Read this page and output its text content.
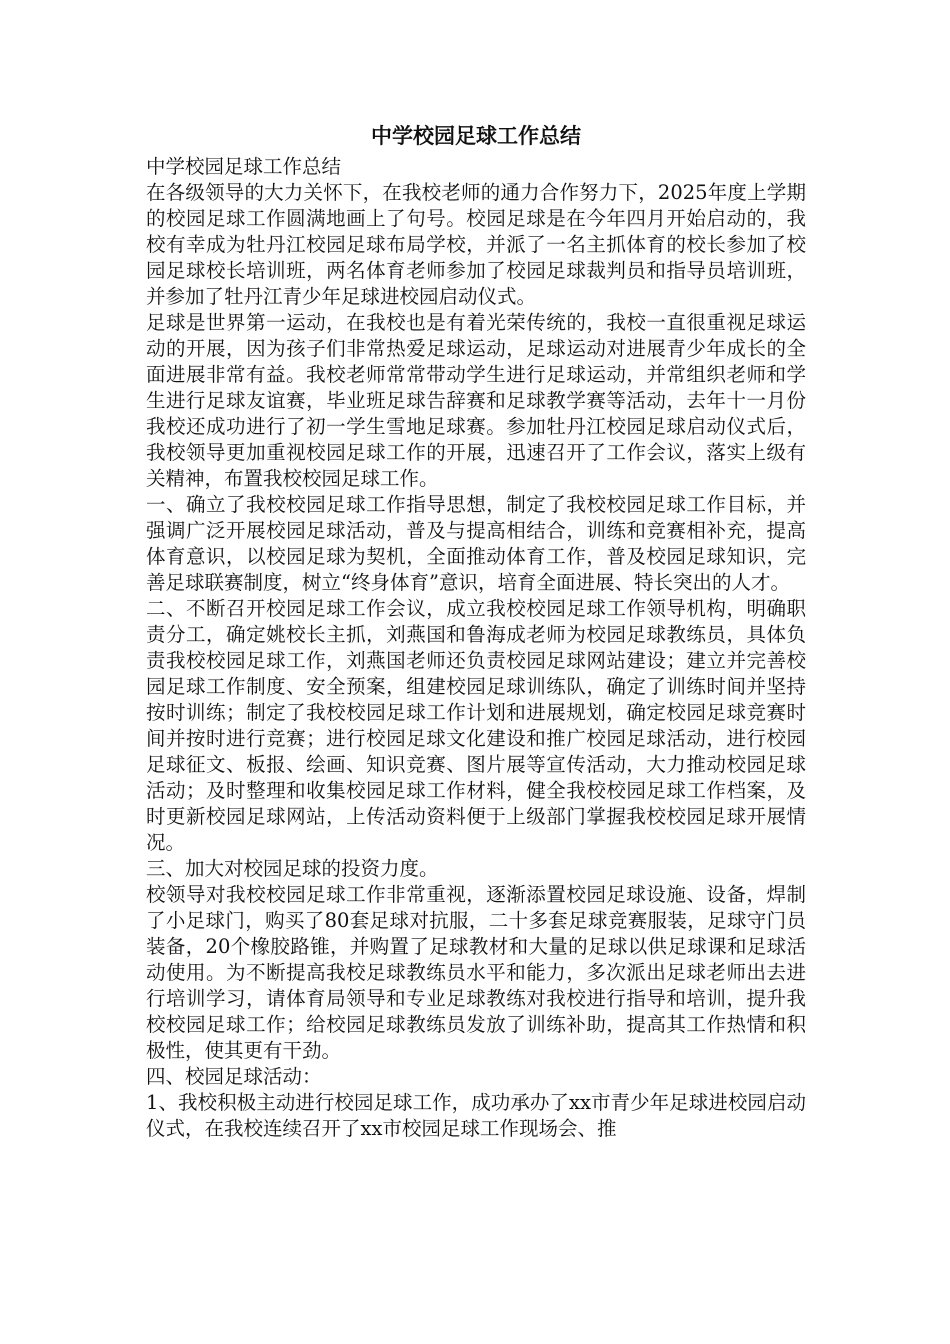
中学校园足球工作总结

中学校园足球工作总结

在各级领导的大力关怀下，在我校老师的通力合作努力下，2025年度上学期的校园足球工作圆满地画上了句号。校园足球是在今年四月开始启动的，我校有幸成为牡丹江校园足球布局学校，并派了一名主抓体育的校长参加了校园足球校长培训班，两名体育老师参加了校园足球裁判员和指导员培训班，并参加了牡丹江青少年足球进校园启动仪式。

足球是世界第一运动，在我校也是有着光荣传统的，我校一直很重视足球运动的开展，因为孩子们非常热爱足球运动，足球运动对进展青少年成长的全面进展非常有益。我校老师常常带动学生进行足球运动，并常组织老师和学生进行足球友谊赛，毕业班足球告辞赛和足球教学赛等活动，去年十一月份我校还成功进行了初一学生雪地足球赛。参加牡丹江校园足球启动仪式后，我校领导更加重视校园足球工作的开展，迅速召开了工作会议，落实上级有关精神，布置我校校园足球工作。

一、确立了我校校园足球工作指导思想，制定了我校校园足球工作目标，并强调广泛开展校园足球活动，普及与提高相结合，训练和竞赛相补充，提高体育意识，以校园足球为契机，全面推动体育工作，普及校园足球知识，完善足球联赛制度，树立“终身体育”意识，培育全面进展、特长突出的人才。

二、不断召开校园足球工作会议，成立我校校园足球工作领导机构，明确职责分工，确定姚校长主抓，刘燕国和鲁海成老师为校园足球教练员，具体负责我校校园足球工作，刘燕国老师还负责校园足球网站建设；建立并完善校园足球工作制度、安全预案，组建校园足球训练队，确定了训练时间并坚持按时训练；制定了我校校园足球工作计划和进展规划，确定校园足球竞赛时间并按时进行竞赛；进行校园足球文化建设和推广校园足球活动，进行校园足球征文、板报、绘画、知识竞赛、图片展等宣传活动，大力推动校园足球活动；及时整理和收集校园足球工作材料，健全我校校园足球工作档案，及时更新校园足球网站，上传活动资料便于上级部门掌握我校校园足球开展情况。

三、加大对校园足球的投资力度。

校领导对我校校园足球工作非常重视，逐渐添置校园足球设施、设备，焊制了小足球门，购买了80套足球对抗服，二十多套足球竞赛服装，足球守门员装备，20个橡胶路锥，并购置了足球教材和大量的足球以供足球课和足球活动使用。为不断提高我校足球教练员水平和能力，多次派出足球老师出去进行培训学习，请体育局领导和专业足球教练对我校进行指导和培训，提升我校校园足球工作；给校园足球教练员发放了训练补助，提高其工作热情和积极性，使其更有干劲。

四、校园足球活动：

1、我校积极主动进行校园足球工作，成功承办了xx市青少年足球进校园启动仪式，在我校连续召开了xx市校园足球工作现场会、推
